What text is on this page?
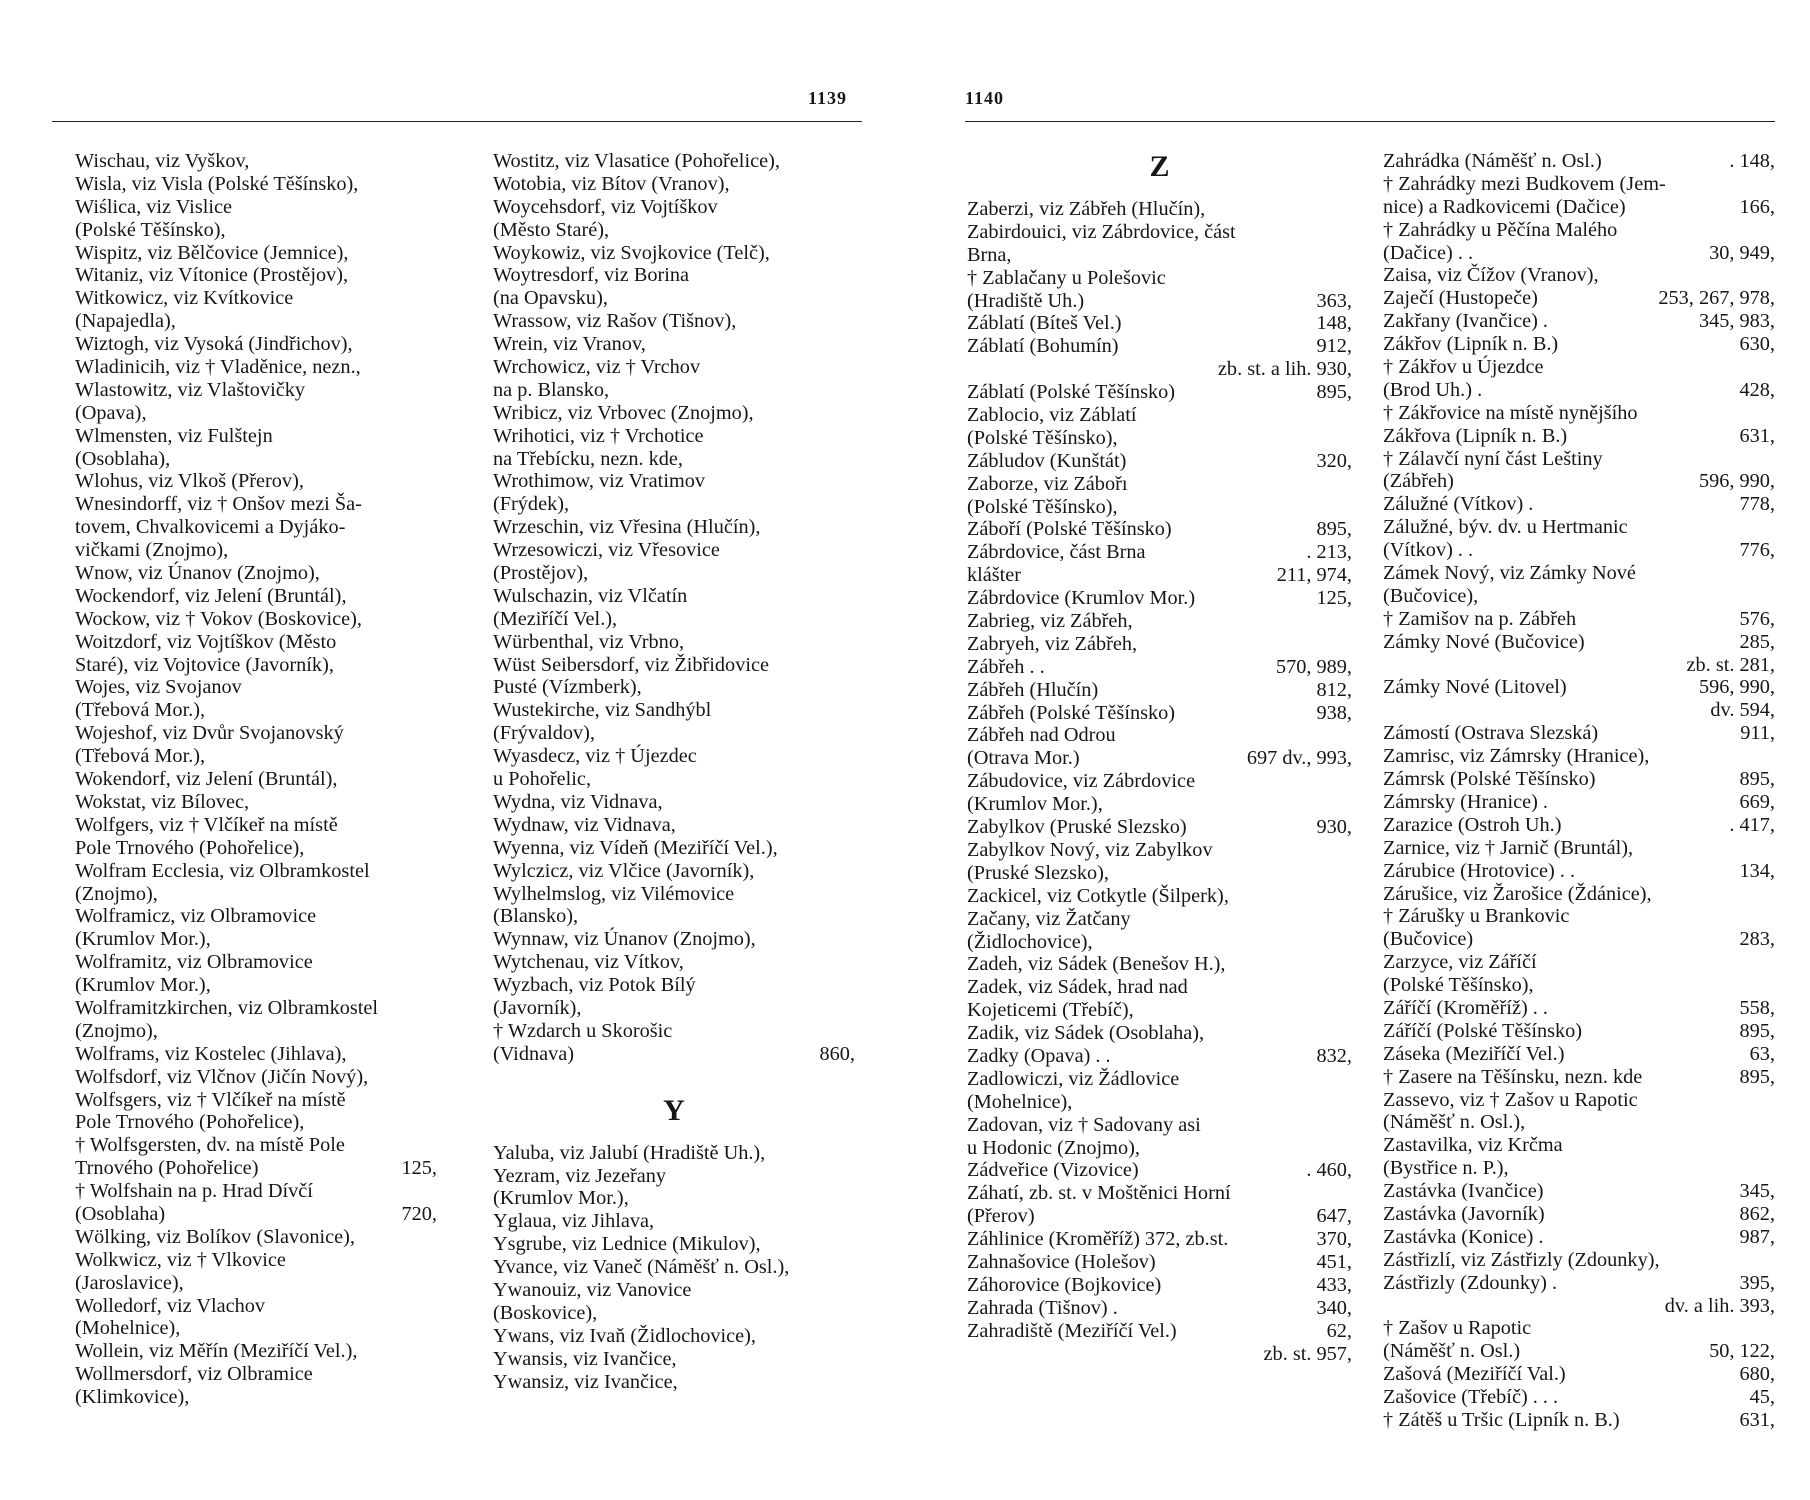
1139	1140
Wischau, viz Vyškov,
Wisla, viz Visla (Polské Těšínsko),
Wiślica, viz Vislice
(Polské Těšínsko),
Wispitz, viz Bělčovice (Jemnice),
Witaniz, viz Vítonice (Prostějov),
Witkowicz, viz Kvítkovice
(Napajedla),
Wiztogh, viz Vysoká (Jindřichov),
Wladinicih, viz † Vladěnice, nezn.,
Wlastowitz, viz Vlaštovičky
(Opava),
Wlmensten, viz Fulštejn
(Osoblaha),
Wlohus, viz Vlkoš (Přerov),
Wnesindorff, viz † Onšov mezi Ša-
tovem, Chvalkovicemi a Dyjáko-
vičkami (Znojmo),
Wnow, viz Únanov (Znojmo),
Wockendorf, viz Jelení (Bruntál),
Wockow, viz † Vokov (Boskovice),
Woitzdorf, viz Vojtíškov (Město
Staré), viz Vojtovice (Javorník),
Wojes, viz Svojanov
(Třebová Mor.),
Wojeshof, viz Dvůr Svojanovský
(Třebová Mor.),
Wokendorf, viz Jelení (Bruntál),
Wokstat, viz Bílovec,
Wolfgers, viz † Vlčíkeř na místě
Pole Trnového (Pohořelice),
Wolfram Ecclesia, viz Olbramkostel
(Znojmo),
Wolframicz, viz Olbramovice
(Krumlov Mor.),
Wolframitz, viz Olbramovice
(Krumlov Mor.),
Wolframitzkirchen, viz Olbramkostel
(Znojmo),
Wolframs, viz Kostelec (Jihlava),
Wolfsdorf, viz Vlčnov (Jičín Nový),
Wolfsgers, viz † Vlčíkeř na místě
Pole Trnového (Pohořelice),
† Wolfsgersten, dv. na místě Pole
Trnového (Pohořelice)	125,
† Wolfshain na p. Hrad Dívčí
(Osoblaha)	720,
Wölking, viz Bolíkov (Slavonice),
Wolkwicz, viz † Vlkovice
(Jaroslavice),
Wolledorf, viz Vlachov
(Mohelnice),
Wollein, viz Měřín (Meziříčí Vel.),
Wollmersdorf, viz Olbramice
(Klimkovice),
Wostitz, viz Vlasatice (Pohořelice),
Wotobia, viz Bítov (Vranov),
Woycehsdorf, viz Vojtíškov
(Město Staré),
Woykowiz, viz Svojkovice (Telč),
Woytresdorf, viz Borina
(na Opavsku),
Wrassow, viz Rašov (Tišnov),
Wrein, viz Vranov,
Wrchowicz, viz † Vrchov
na p. Blansko,
Wribicz, viz Vrbovec (Znojmo),
Wrihotici, viz † Vrchotice
na Třebícku, nezn. kde,
Wrothimow, viz Vratimov
(Frýdek),
Wrzeschin, viz Vřesina (Hlučín),
Wrzesowiczi, viz Vřesovice
(Prostějov),
Wulschazin, viz Vlčatín
(Meziříčí Vel.),
Würbenthal, viz Vrbno,
Wüst Seibersdorf, viz Žibřidovice
Pusté (Vízmberk),
Wustekirche, viz Sandhýbl
(Frývaldov),
Wyasdecz, viz † Újezdec
u Pohořelic,
Wydna, viz Vidnava,
Wydnaw, viz Vidnava,
Wyenna, viz Vídeň (Meziříčí Vel.),
Wylczicz, viz Vlčice (Javorník),
Wylhelmslog, viz Vilémovice
(Blansko),
Wynnaw, viz Únanov (Znojmo),
Wytchenau, viz Vítkov,
Wyzbach, viz Potok Bílý
(Javorník),
† Wzdarch u Skorošic
(Vidnava)	860,
Y
Yaluba, viz Jalubí (Hradiště Uh.),
Yezram, viz Jezeřany
(Krumlov Mor.),
Yglaua, viz Jihlava,
Ysgrube, viz Lednice (Mikulov),
Yvance, viz Vaneč (Náměšť n. Osl.),
Ywanouiz, viz Vanovice
(Boskovice),
Ywans, viz Ivaň (Židlochovice),
Ywansis, viz Ivančice,
Ywansiz, viz Ivančice,
Z
Zaberzi, viz Zábřeh (Hlučín),
Zabirdouici, viz Zábrdovice, část
Brna,
† Zablačany u Polešovic
(Hradiště Uh.)	363,
Záblatí (Bíteš Vel.)	148,
Záblatí (Bohumín)	912,
zb. st. a lih. 930,
Záblatí (Polské Těšínsko)	895,
Zablocio, viz Záblatí
(Polské Těšínsko),
Zábludov (Kunštát)	320,
Zaborze, viz Zábořı
(Polské Těšínsko),
Záboří (Polské Těšínsko)	895,
Zábrdovice, část Brna	. 213,
klášter	211, 974,
Zábrdovice (Krumlov Mor.)	125,
Zabrieg, viz Zábřeh,
Zabryeh, viz Zábřeh,
Zábřeh . .	570, 989,
Zábřeh (Hlučín)	812,
Zábřeh (Polské Těšínsko)	938,
Zábřeh nad Odrou
(Otrava Mor.)	697 dv., 993,
Zábudovice, viz Zábrdovice
(Krumlov Mor.),
Zabylkov (Pruské Slezsko)	930,
Zabylkov Nový, viz Zabylkov
(Pruské Slezsko),
Zackicel, viz Cotkytle (Šilperk),
Začany, viz Žatčany
(Židlochovice),
Zadeh, viz Sádek (Benešov H.),
Zadek, viz Sádek, hrad nad
Kojeticemi (Třebíč),
Zadik, viz Sádek (Osoblaha),
Zadky (Opava) . .	832,
Zadlowiczi, viz Žádlovice
(Mohelnice),
Zadovan, viz † Sadovany asi
u Hodonic (Znojmo),
Zádveřice (Vizovice)	. 460,
Záhatí, zb. st. v Moštěnici Horní
(Přerov)	647,
Záhlinice (Kroměříž) 372, zb.st.	370,
Zahnašovice (Holešov)	451,
Záhorovice (Bojkovice)	433,
Zahrada (Tišnov) .	340,
Zahradiště (Meziříčí Vel.)	62,
zb. st. 957,
Zahrádka (Náměšť n. Osl.)	. 148,
† Zahrádky mezi Budkovem (Jem-
nice) a Radkovicemi (Dačice)	166,
† Zahrádky u Pěčína Malého
(Dačice) . .	30, 949,
Zaisa, viz Čížov (Vranov),
Zaječí (Hustopeče)	253, 267, 978,
Zakřany (Ivančice) .	345, 983,
Zákřov (Lipník n. B.)	630,
† Zákřov u Újezdce
(Brod Uh.) .	428,
† Zákřovice na místě nynějšího
Zákřova (Lipník n. B.)	631,
† Zálavčí nyní část Leštiny
(Zábřeh)	596, 990,
Zálužné (Vítkov) .	778,
Zálužné, býv. dv. u Hertmanic
(Vítkov) . .	776,
Zámek Nový, viz Zámky Nové
(Bučovice),
† Zamišov na p. Zábřeh	576,
Zámky Nové (Bučovice)	285,
zb. st. 281,
Zámky Nové (Litovel)	596, 990,
dv. 594,
Zámostí (Ostrava Slezská)	911,
Zamrisc, viz Zámrsky (Hranice),
Zámrsk (Polské Těšínsko)	895,
Zámrsky (Hranice) .	669,
Zarazice (Ostroh Uh.)	. 417,
Zarnice, viz † Jarnič (Bruntál),
Zárubice (Hrotovice) . .	134,
Zárušice, viz Žarošice (Ždánice),
† Zárušky u Brankovic
(Bučovice)	283,
Zarzyce, viz Záříčí
(Polské Těšínsko),
Záříčí (Kroměříž) . .	558,
Záříčí (Polské Těšínsko)	895,
Záseka (Meziříčí Vel.)	63,
† Zasere na Těšínsku, nezn. kde	895,
Zassevo, viz † Zašov u Rapotic
(Náměšť n. Osl.),
Zastavilka, viz Krčma
(Bystřice n. P.),
Zastávka (Ivančice)	345,
Zastávka (Javorník)	862,
Zastávka (Konice) .	987,
Zástřizlí, viz Zástřizly (Zdounky),
Zástřizly (Zdounky) .	395,
dv. a lih. 393,
† Zašov u Rapotic
(Náměšť n. Osl.)	50, 122,
Zašová (Meziříčí Val.)	680,
Zašovice (Třebíč) . . .	45,
† Zátěš u Tršic (Lipník n. B.)	631,
